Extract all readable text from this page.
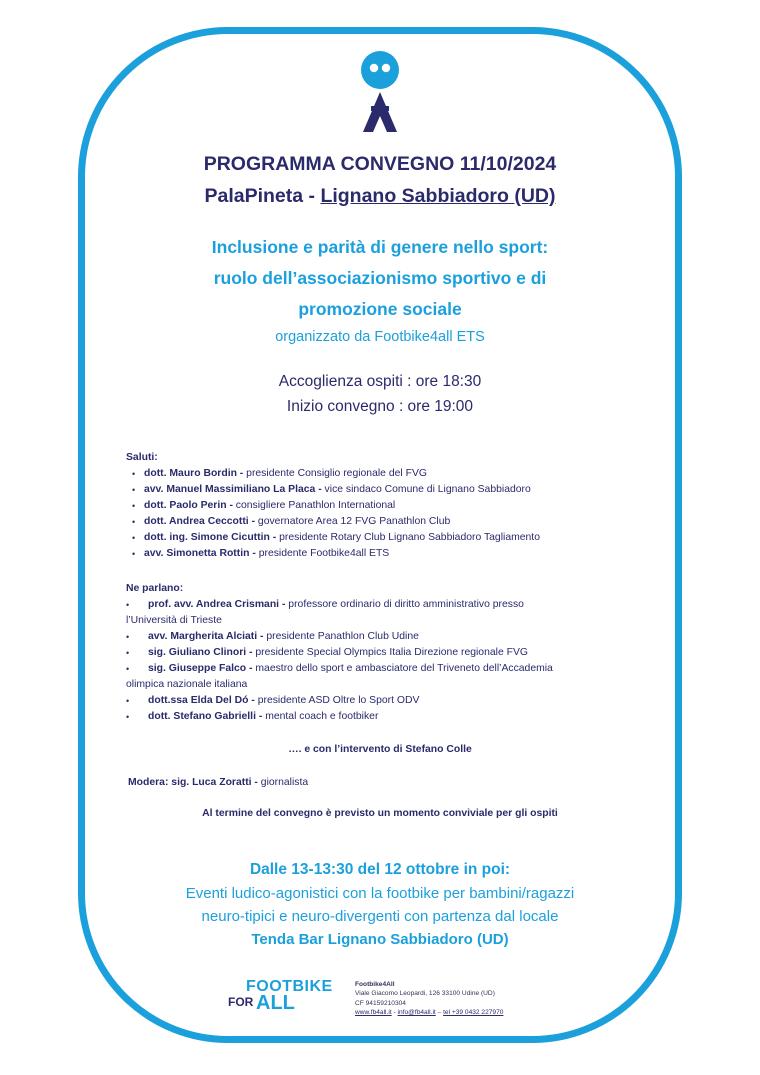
PROGRAMMA CONVEGNO 11/10/2024
PalaPineta - Lignano Sabbiadoro (UD)
Inclusione e parità di genere nello sport:
ruolo dell’associazionismo sportivo e di
promozione sociale
organizzato da Footbike4all ETS
Accoglienza ospiti : ore 18:30
Inizio convegno : ore 19:00
Saluti:
• dott. Mauro Bordin - presidente Consiglio regionale del FVG
• avv. Manuel Massimiliano La Placa - vice sindaco Comune di Lignano Sabbiadoro
• dott. Paolo Perin - consigliere Panathlon International
• dott. Andrea Ceccotti - governatore Area 12 FVG Panathlon Club
• dott. ing. Simone Cicuttin - presidente Rotary Club Lignano Sabbiadoro Tagliamento
• avv. Simonetta Rottin - presidente Footbike4all ETS
Ne parlano:
• prof. avv. Andrea Crismani - professore ordinario di diritto amministrativo presso
l’Università di Trieste
• avv. Margherita Alciati - presidente Panathlon Club Udine
• sig. Giuliano Clinori - presidente Special Olympics Italia Direzione regionale FVG
• sig. Giuseppe Falco - maestro dello sport e ambasciatore del Triveneto dell’Accademia
olimpica nazionale italiana
• dott.ssa Elda Del Dó - presidente ASD Oltre lo Sport ODV
• dott. Stefano Gabrielli - mental coach e footbiker
…. e con l’intervento di Stefano Colle
Modera: sig. Luca Zoratti - giornalista
Al termine del convegno è previsto un momento conviviale per gli ospiti
Dalle 13-13:30 del 12 ottobre in poi:
Eventi ludico-agonistici con la footbike per bambini/ragazzi
neuro-tipici e neuro-divergenti con partenza dal locale
Tenda Bar Lignano Sabbiadoro (UD)
FOOTBIKE
FOR ALL
Footbike4All
Viale Giacomo Leopardi, 126 33100 Udine (UD)
CF 94159210304
www.fb4all.it - info@fb4all.it – tel +39 0432 227970
